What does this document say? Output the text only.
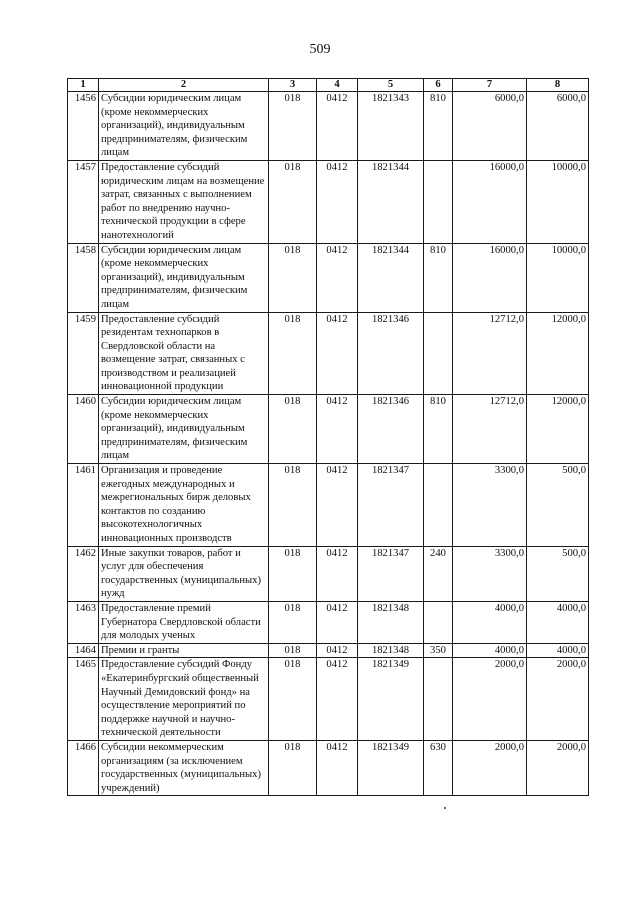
509
1	2	3	4	5	6	7	8
1456	Субсидии юридическим лицам (кроме некоммерческих организаций), индивидуальным предпринимателям, физическим лицам	018	0412	1821343	810	6000,0	6000,0
1457	Предоставление субсидий юридическим лицам на возмещение затрат, связанных с выполнением работ по внедрению научно-технической продукции в сфере нанотехнологий	018	0412	1821344		16000,0	10000,0
1458	Субсидии юридическим лицам (кроме некоммерческих организаций), индивидуальным предпринимателям, физическим лицам	018	0412	1821344	810	16000,0	10000,0
1459	Предоставление субсидий резидентам технопарков в Свердловской области на возмещение затрат, связанных с производством и реализацией инновационной продукции	018	0412	1821346		12712,0	12000,0
1460	Субсидии юридическим лицам (кроме некоммерческих организаций), индивидуальным предпринимателям, физическим лицам	018	0412	1821346	810	12712,0	12000,0
1461	Организация и проведение ежегодных международных и межрегиональных бирж деловых контактов по созданию высокотехнологичных инновационных производств	018	0412	1821347		3300,0	500,0
1462	Иные закупки товаров, работ и услуг для обеспечения государственных (муниципальных) нужд	018	0412	1821347	240	3300,0	500,0
1463	Предоставление премий Губернатора Свердловской области для молодых ученых	018	0412	1821348		4000,0	4000,0
1464	Премии и гранты	018	0412	1821348	350	4000,0	4000,0
1465	Предоставление субсидий Фонду «Екатеринбургский общественный Научный Демидовский фонд» на осуществление мероприятий по поддержке научной и научно-технической деятельности	018	0412	1821349		2000,0	2000,0
1466	Субсидии некоммерческим организациям (за исключением государственных (муниципальных) учреждений)	018	0412	1821349	630	2000,0	2000,0
